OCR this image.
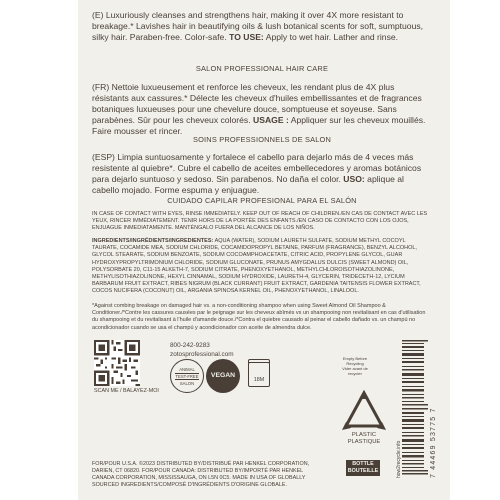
(E) Luxuriously cleanses and strengthens hair, making it over 4X more resistant to breakage.* Lavishes hair in beautifying oils & lush botanical scents for soft, sumptuous, silky hair. Paraben-free. Color-safe. TO USE: Apply to wet hair. Lather and rinse.

SALON PROFESSIONAL HAIR CARE

(FR) Nettoie luxueusement et renforce les cheveux, les rendant plus de 4X plus résistants aux cassures.* Délecte les cheveux d'huiles embellissantes et de fragrances botaniques luxueuses pour une chevelure douce, somptueuse et soyeuse. Sans parabènes. Sûr pour les cheveux colorés. USAGE : Appliquer sur les cheveux mouillés. Faire mousser et rincer.

SOINS PROFESSIONNELS DE SALON

(ESP) Limpia suntuosamente y fortalece el cabello para dejarlo más de 4 veces más resistente al quiebre*. Cubre el cabello de aceites embellecedores y aromas botánicos para dejarlo suntuoso y sedoso. Sin parabenos. No daña el color. USO: aplique al cabello mojado. Forme espuma y enjuague.

CUIDADO CAPILAR PROFESIONAL PARA EL SALÓN
IN CASE OF CONTACT WITH EYES, RINSE IMMEDIATELY. KEEP OUT OF REACH OF CHILDREN./EN CAS DE CONTACT AVEC LES YEUX, RINCER IMMÉDIATEMENT. TENIR HORS DE LA PORTÉE DES ENFANTS./EN CASO DE CONTACTO CON LOS OJOS, ENJUAGUE INMEDIATAMENTE. MANTÉNGALO FUERA DEL ALCANCE DE LOS NIÑOS.
INGREDIENTS/INGRÉDIENTS/INGREDIENTES: AQUA (WATER), SODIUM LAURETH SULFATE, SODIUM METHYL COCOYL TAURATE, COCAMIDE MEA, SODIUM CHLORIDE, COCAMIDOPROPYL BETAINE, PARFUM (FRAGRANCE), BENZYL ALCOHOL, GLYCOL STEARATE, SODIUM BENZOATE, SODIUM COCOAMPHOACETATE, CITRIC ACID, PROPYLENE GLYCOL, GUAR HYDROXYPROPYLTRIMONIUM CHLORIDE, SODIUM GLUCONATE, PRUNUS AMYGDALUS DULCIS (SWEET ALMOND) OIL, POLYSORBATE 20, C11-15 ALKETH-7, SODIUM CITRATE, PHENOXYETHANOL, METHYLCHLOROISOTHIAZOLINONE, METHYLISOTHIAZOLINONE, HEXYL CINNAMAL, SODIUM HYDROXIDE, LAURETH-4, GLYCERIN, TRIDECETH-12, LYCIUM BARBARUM FRUIT EXTRACT, RIBES NIGRUM (BLACK CURRANT) FRUIT EXTRACT, GARDENIA TAITENSIS FLOWER EXTRACT, COCOS NUCIFERA (COCONUT) OIL, ARGANIA SPINOSA KERNEL OIL, PHENOXYETHANOL, LINALOOL.
*Against combing breakage on damaged hair vs. a non-conditioning shampoo when using Sweet Almond Oil Shampoo & Conditioner./*Contre les cassures causées par le peignage sur les cheveux abîmés vs un shampooing non revitalisant en cas d'utilisation du shampooing et du revitalisant à l'huile d'amande douce./*Contra el quiebre causado al peinar el cabello dañado vs. un champú no acondicionador cuando se usa el champú y acondicionador con aceite de almendra dulce.
SCAN ME / BALAYEZ-MOI
800-242-9283
zotosprofessional.com
ANIMAL
TEST-FREE
SALON
VEGAN
18M
Empty Before Recycling
Vider avant de recycler
PLASTIC PLASTIQUE
BOTTLE BOUTEILLE	7 44469 53775 7
how2recycle.info
FOR/POUR U.S.A. ©2023 DISTRIBUTED BY/DISTRIBUÉ PAR HENKEL CORPORATION, DARIEN, CT 06820. FOR/POUR CANADA: DISTRIBUTED BY/IMPORTÉ PAR HENKEL CANADA CORPORATION, MISSISSAUGA, ON L5N 0C5. MADE IN USA OF GLOBALLY SOURCED INGREDIENTS/COMPOSÉ D'INGRÉDIENTS D'ORIGINE GLOBALE.
